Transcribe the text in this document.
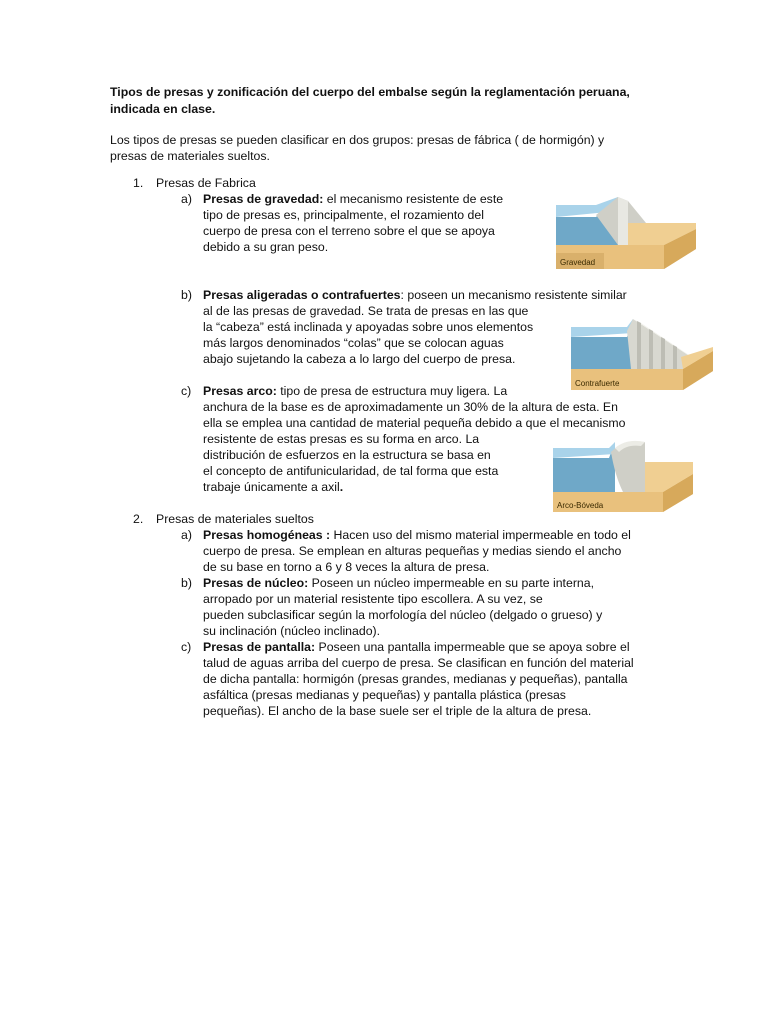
Tipos de presas y zonificación del cuerpo del embalse según la reglamentación peruana,
indicada en clase.
Los tipos de presas se pueden clasificar en dos grupos: presas de fábrica ( de hormigón) y
presas de materiales sueltos.
1. Presas de Fabrica
a) Presas de gravedad: el mecanismo resistente de este
tipo de presas es, principalmente, el rozamiento del
cuerpo de presa con el terreno sobre el que se apoya
debido a su gran peso.
Gravedad
b) Presas aligeradas o contrafuertes: poseen un mecanismo resistente similar
al de las presas de gravedad. Se trata de presas en las que
la “cabeza” está inclinada y apoyadas sobre unos elementos
más largos denominados “colas” que se colocan aguas
abajo sujetando la cabeza a lo largo del cuerpo de presa.
Contrafuerte
c) Presas arco: tipo de presa de estructura muy ligera. La
anchura de la base es de aproximadamente un 30% de la altura de esta. En
ella se emplea una cantidad de material pequeña debido a que el mecanismo
resistente de estas presas es su forma en arco. La
distribución de esfuerzos en la estructura se basa en
el concepto de antifunicularidad, de tal forma que esta
trabaje únicamente a axil.
Arco-Bóveda
2. Presas de materiales sueltos
a) Presas homogéneas : Hacen uso del mismo material impermeable en todo el
cuerpo de presa. Se emplean en alturas pequeñas y medias siendo el ancho
de su base en torno a 6 y 8 veces la altura de presa.
b) Presas de núcleo: Poseen un núcleo impermeable en su parte interna,
arropado por un material resistente tipo escollera. A su vez, se
pueden subclasificar según la morfología del núcleo (delgado o grueso) y
su inclinación (núcleo inclinado).
c) Presas de pantalla: Poseen una pantalla impermeable que se apoya sobre el
talud de aguas arriba del cuerpo de presa. Se clasifican en función del material
de dicha pantalla: hormigón (presas grandes, medianas y pequeñas), pantalla
asfáltica (presas medianas y pequeñas) y pantalla plástica (presas
pequeñas). El ancho de la base suele ser el triple de la altura de presa.
